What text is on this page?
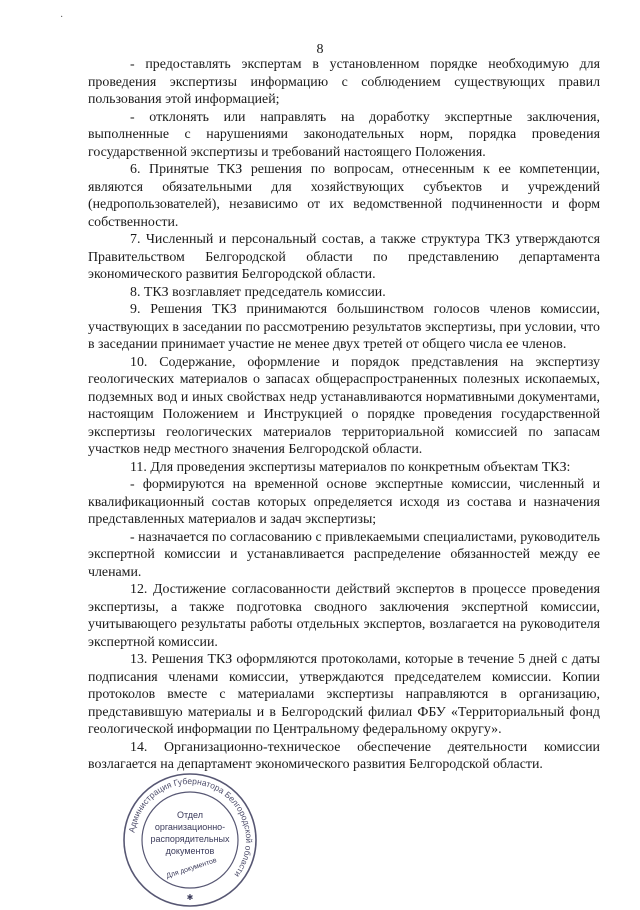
·
8

- предоставлять экспертам в установленном порядке необходимую для проведения экспертизы информацию с соблюдением существующих правил пользования этой информацией;

- отклонять или направлять на доработку экспертные заключения, выполненные с нарушениями законодательных норм, порядка проведения государственной экспертизы и требований настоящего Положения.

6. Принятые ТКЗ решения по вопросам, отнесенным к ее компетенции, являются обязательными для хозяйствующих субъектов и учреждений (недропользователей), независимо от их ведомственной подчиненности и форм собственности.

7. Численный и персональный состав, а также структура ТКЗ утверждаются Правительством Белгородской области по представлению департамента экономического развития Белгородской области.

8. ТКЗ возглавляет председатель комиссии.

9. Решения ТКЗ принимаются большинством голосов членов комиссии, участвующих в заседании по рассмотрению результатов экспертизы, при условии, что в заседании принимает участие не менее двух третей от общего числа ее членов.

10. Содержание, оформление и порядок представления на экспертизу геологических материалов о запасах общераспространенных полезных ископаемых, подземных вод и иных свойствах недр устанавливаются нормативными документами, настоящим Положением и Инструкцией о порядке проведения государственной экспертизы геологических материалов территориальной комиссией по запасам участков недр местного значения Белгородской области.

11. Для проведения экспертизы материалов по конкретным объектам ТКЗ:

- формируются на временной основе экспертные комиссии, численный и квалификационный состав которых определяется исходя из состава и назначения представленных материалов и задач экспертизы;

- назначается по согласованию с привлекаемыми специалистами, руководитель экспертной комиссии и устанавливается распределение обязанностей между ее членами.

12. Достижение согласованности действий экспертов в процессе проведения экспертизы, а также подготовка сводного заключения экспертной комиссии, учитывающего результаты работы отдельных экспертов, возлагается на руководителя экспертной комиссии.

13. Решения ТКЗ оформляются протоколами, которые в течение 5 дней с даты подписания членами комиссии, утверждаются председателем комиссии. Копии протоколов вместе с материалами экспертизы направляются в организацию, представившую материалы и в Белгородский филиал ФБУ «Территориальный фонд геологической информации по Центральному федеральному округу».

14. Организационно-техническое обеспечение деятельности комиссии возлагается на департамент экономического развития Белгородской области.

Администрация Губернатора Белгородской области
Отдел
организационно-
распорядительных
документов
Для документов
✱
